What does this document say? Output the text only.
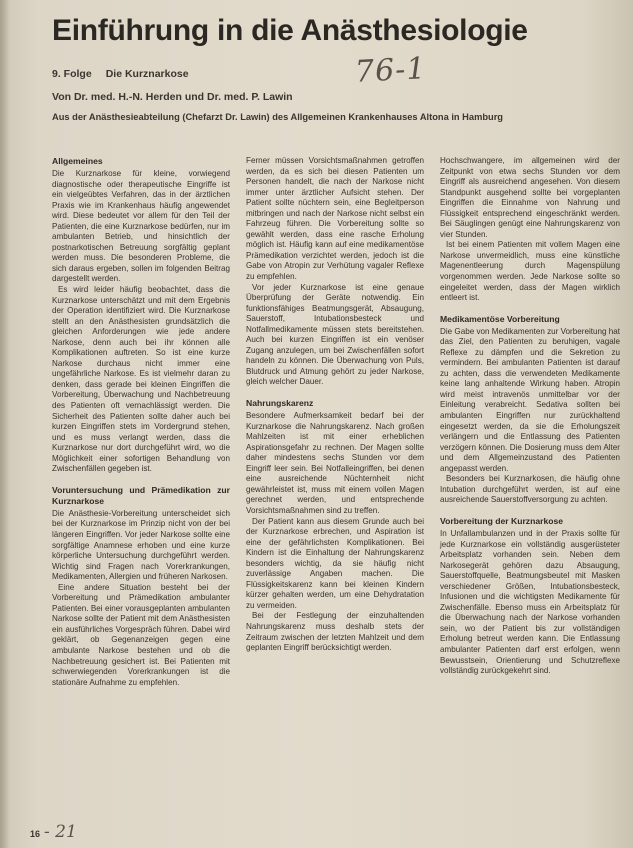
Einführung in die Anästhesiologie
9. Folge Die Kurznarkose	76-1
Von Dr. med. H.-N. Herden und Dr. med. P. Lawin
Aus der Anästhesieabteilung (Chefarzt Dr. Lawin) des Allgemeinen Krankenhauses Altona in Hamburg
Allgemeines

Die Kurznarkose für kleine, vorwiegend diagnostische oder therapeutische Eingriffe ist ein vielgeübtes Verfahren, das in der ärztlichen Praxis wie im Krankenhaus häufig angewendet wird. Diese bedeutet vor allem für den Teil der Patienten, die eine Kurznarkose bedürfen, nur im ambulanten Betrieb, und hinsichtlich der postnarkotischen Betreuung sorgfältig geplant werden muss. Die besonderen Probleme, die sich daraus ergeben, sollen im folgenden Beitrag dargestellt werden.

Es wird leider häufig beobachtet, dass die Kurznarkose unterschätzt und mit dem Ergebnis der Operation identifiziert wird. Die Kurznarkose stellt an den Anästhesisten grundsätzlich die gleichen Anforderungen wie jede andere Narkose, denn auch bei ihr können alle Komplikationen auftreten. So ist eine kurze Narkose durchaus nicht immer eine ungefährliche Narkose. Es ist vielmehr daran zu denken, dass gerade bei kleinen Eingriffen die Vorbereitung, Überwachung und Nachbetreuung des Patienten oft vernachlässigt werden. Die Sicherheit des Patienten sollte daher auch bei kurzen Eingriffen stets im Vordergrund stehen, und es muss verlangt werden, dass die Kurznarkose nur dort durchgeführt wird, wo die Möglichkeit einer sofortigen Behandlung von Zwischenfällen gegeben ist.

Voruntersuchung und Prämedikation zur Kurznarkose

Die Anästhesie-Vorbereitung unterscheidet sich bei der Kurznarkose im Prinzip nicht von der bei längeren Eingriffen. Vor jeder Narkose sollte eine sorgfältige Anamnese erhoben und eine kurze körperliche Untersuchung durchgeführt werden. Wichtig sind Fragen nach Vorerkrankungen, Medikamenten, Allergien und früheren Narkosen.

Eine andere Situation besteht bei der Vorbereitung und Prämedikation ambulanter Patienten. Bei einer vorausgeplanten ambulanten Narkose sollte der Patient mit dem Anästhesisten ein ausführliches Vorgespräch führen. Dabei wird geklärt, ob Gegenanzeigen gegen eine ambulante Narkose bestehen und ob die Nachbetreuung gesichert ist. Bei Patienten mit schwerwiegenden Vorerkrankungen ist die stationäre Aufnahme zu empfehlen.

Ferner müssen Vorsichtsmaßnahmen getroffen werden, da es sich bei diesen Patienten um Personen handelt, die nach der Narkose nicht immer unter ärztlicher Aufsicht stehen. Der Patient sollte nüchtern sein, eine Begleitperson mitbringen und nach der Narkose nicht selbst ein Fahrzeug führen. Die Vorbereitung sollte so gewählt werden, dass eine rasche Erholung möglich ist. Häufig kann auf eine medikamentöse Prämedikation verzichtet werden, jedoch ist die Gabe von Atropin zur Verhütung vagaler Reflexe zu empfehlen.

Vor jeder Kurznarkose ist eine genaue Überprüfung der Geräte notwendig. Ein funktionsfähiges Beatmungsgerät, Absaugung, Sauerstoff, Intubationsbesteck und Notfallmedikamente müssen stets bereitstehen. Auch bei kurzen Eingriffen ist ein venöser Zugang anzulegen, um bei Zwischenfällen sofort handeln zu können. Die Überwachung von Puls, Blutdruck und Atmung gehört zu jeder Narkose, gleich welcher Dauer.

Nahrungskarenz

Besondere Aufmerksamkeit bedarf bei der Kurznarkose die Nahrungskarenz. Nach großen Mahlzeiten ist mit einer erheblichen Aspirationsgefahr zu rechnen. Der Magen sollte daher mindestens sechs Stunden vor dem Eingriff leer sein. Bei Notfalleingriffen, bei denen eine ausreichende Nüchternheit nicht gewährleistet ist, muss mit einem vollen Magen gerechnet werden, und entsprechende Vorsichtsmaßnahmen sind zu treffen.

Der Patient kann aus diesem Grunde auch bei der Kurznarkose erbrechen, und Aspiration ist eine der gefährlichsten Komplikationen. Bei Kindern ist die Einhaltung der Nahrungskarenz besonders wichtig, da sie häufig nicht zuverlässige Angaben machen. Die Flüssigkeitskarenz kann bei kleinen Kindern kürzer gehalten werden, um eine Dehydratation zu vermeiden.

Bei der Festlegung der einzuhaltenden Nahrungskarenz muss deshalb stets der Zeitraum zwischen der letzten Mahlzeit und dem geplanten Eingriff berücksichtigt werden.

Hochschwangere, im allgemeinen wird der Zeitpunkt von etwa sechs Stunden vor dem Eingriff als ausreichend angesehen. Von diesem Standpunkt ausgehend sollte bei vorgeplanten Eingriffen die Einnahme von Nahrung und Flüssigkeit entsprechend eingeschränkt werden. Bei Säuglingen genügt eine Nahrungskarenz von vier Stunden.

Ist bei einem Patienten mit vollem Magen eine Narkose unvermeidlich, muss eine künstliche Magenentleerung durch Magenspülung vorgenommen werden. Jede Narkose sollte so eingeleitet werden, dass der Magen wirklich entleert ist.

Medikamentöse Vorbereitung

Die Gabe von Medikamenten zur Vorbereitung hat das Ziel, den Patienten zu beruhigen, vagale Reflexe zu dämpfen und die Sekretion zu vermindern. Bei ambulanten Patienten ist darauf zu achten, dass die verwendeten Medikamente keine lang anhaltende Wirkung haben. Atropin wird meist intravenös unmittelbar vor der Einleitung verabreicht. Sedativa sollten bei ambulanten Eingriffen nur zurückhaltend eingesetzt werden, da sie die Erholungszeit verlängern und die Entlassung des Patienten verzögern können. Die Dosierung muss dem Alter und dem Allgemeinzustand des Patienten angepasst werden.

Besonders bei Kurznarkosen, die häufig ohne Intubation durchgeführt werden, ist auf eine ausreichende Sauerstoffversorgung zu achten.

Vorbereitung der Kurznarkose

In Unfallambulanzen und in der Praxis sollte für jede Kurznarkose ein vollständig ausgerüsteter Arbeitsplatz vorhanden sein. Neben dem Narkosegerät gehören dazu Absaugung, Sauerstoffquelle, Beatmungsbeutel mit Masken verschiedener Größen, Intubationsbesteck, Infusionen und die wichtigsten Medikamente für Zwischenfälle. Ebenso muss ein Arbeitsplatz für die Überwachung nach der Narkose vorhanden sein, wo der Patient bis zur vollständigen Erholung betreut werden kann. Die Entlassung ambulanter Patienten darf erst erfolgen, wenn Bewusstsein, Orientierung und Schutzreflexe vollständig zurückgekehrt sind.

16 - 21
